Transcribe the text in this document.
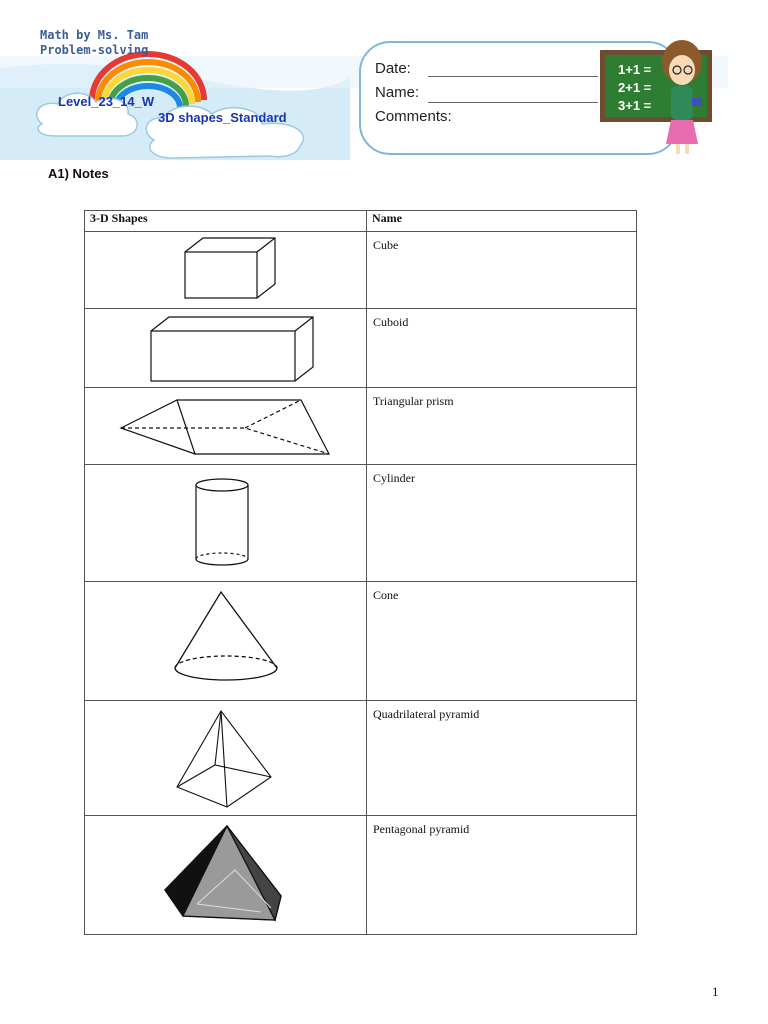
1+1 =
2+1 =
3+1 =
Math by Ms. Tam
Problem-solving
Level_23_14_W
3D shapes_Standard
Date:
Name:
Comments:
A1) Notes
3-D Shapes	Name

Cube

Cuboid

Triangular prism

Cylinder

Cone

Quadrilateral pyramid

Pentagonal pyramid
1
